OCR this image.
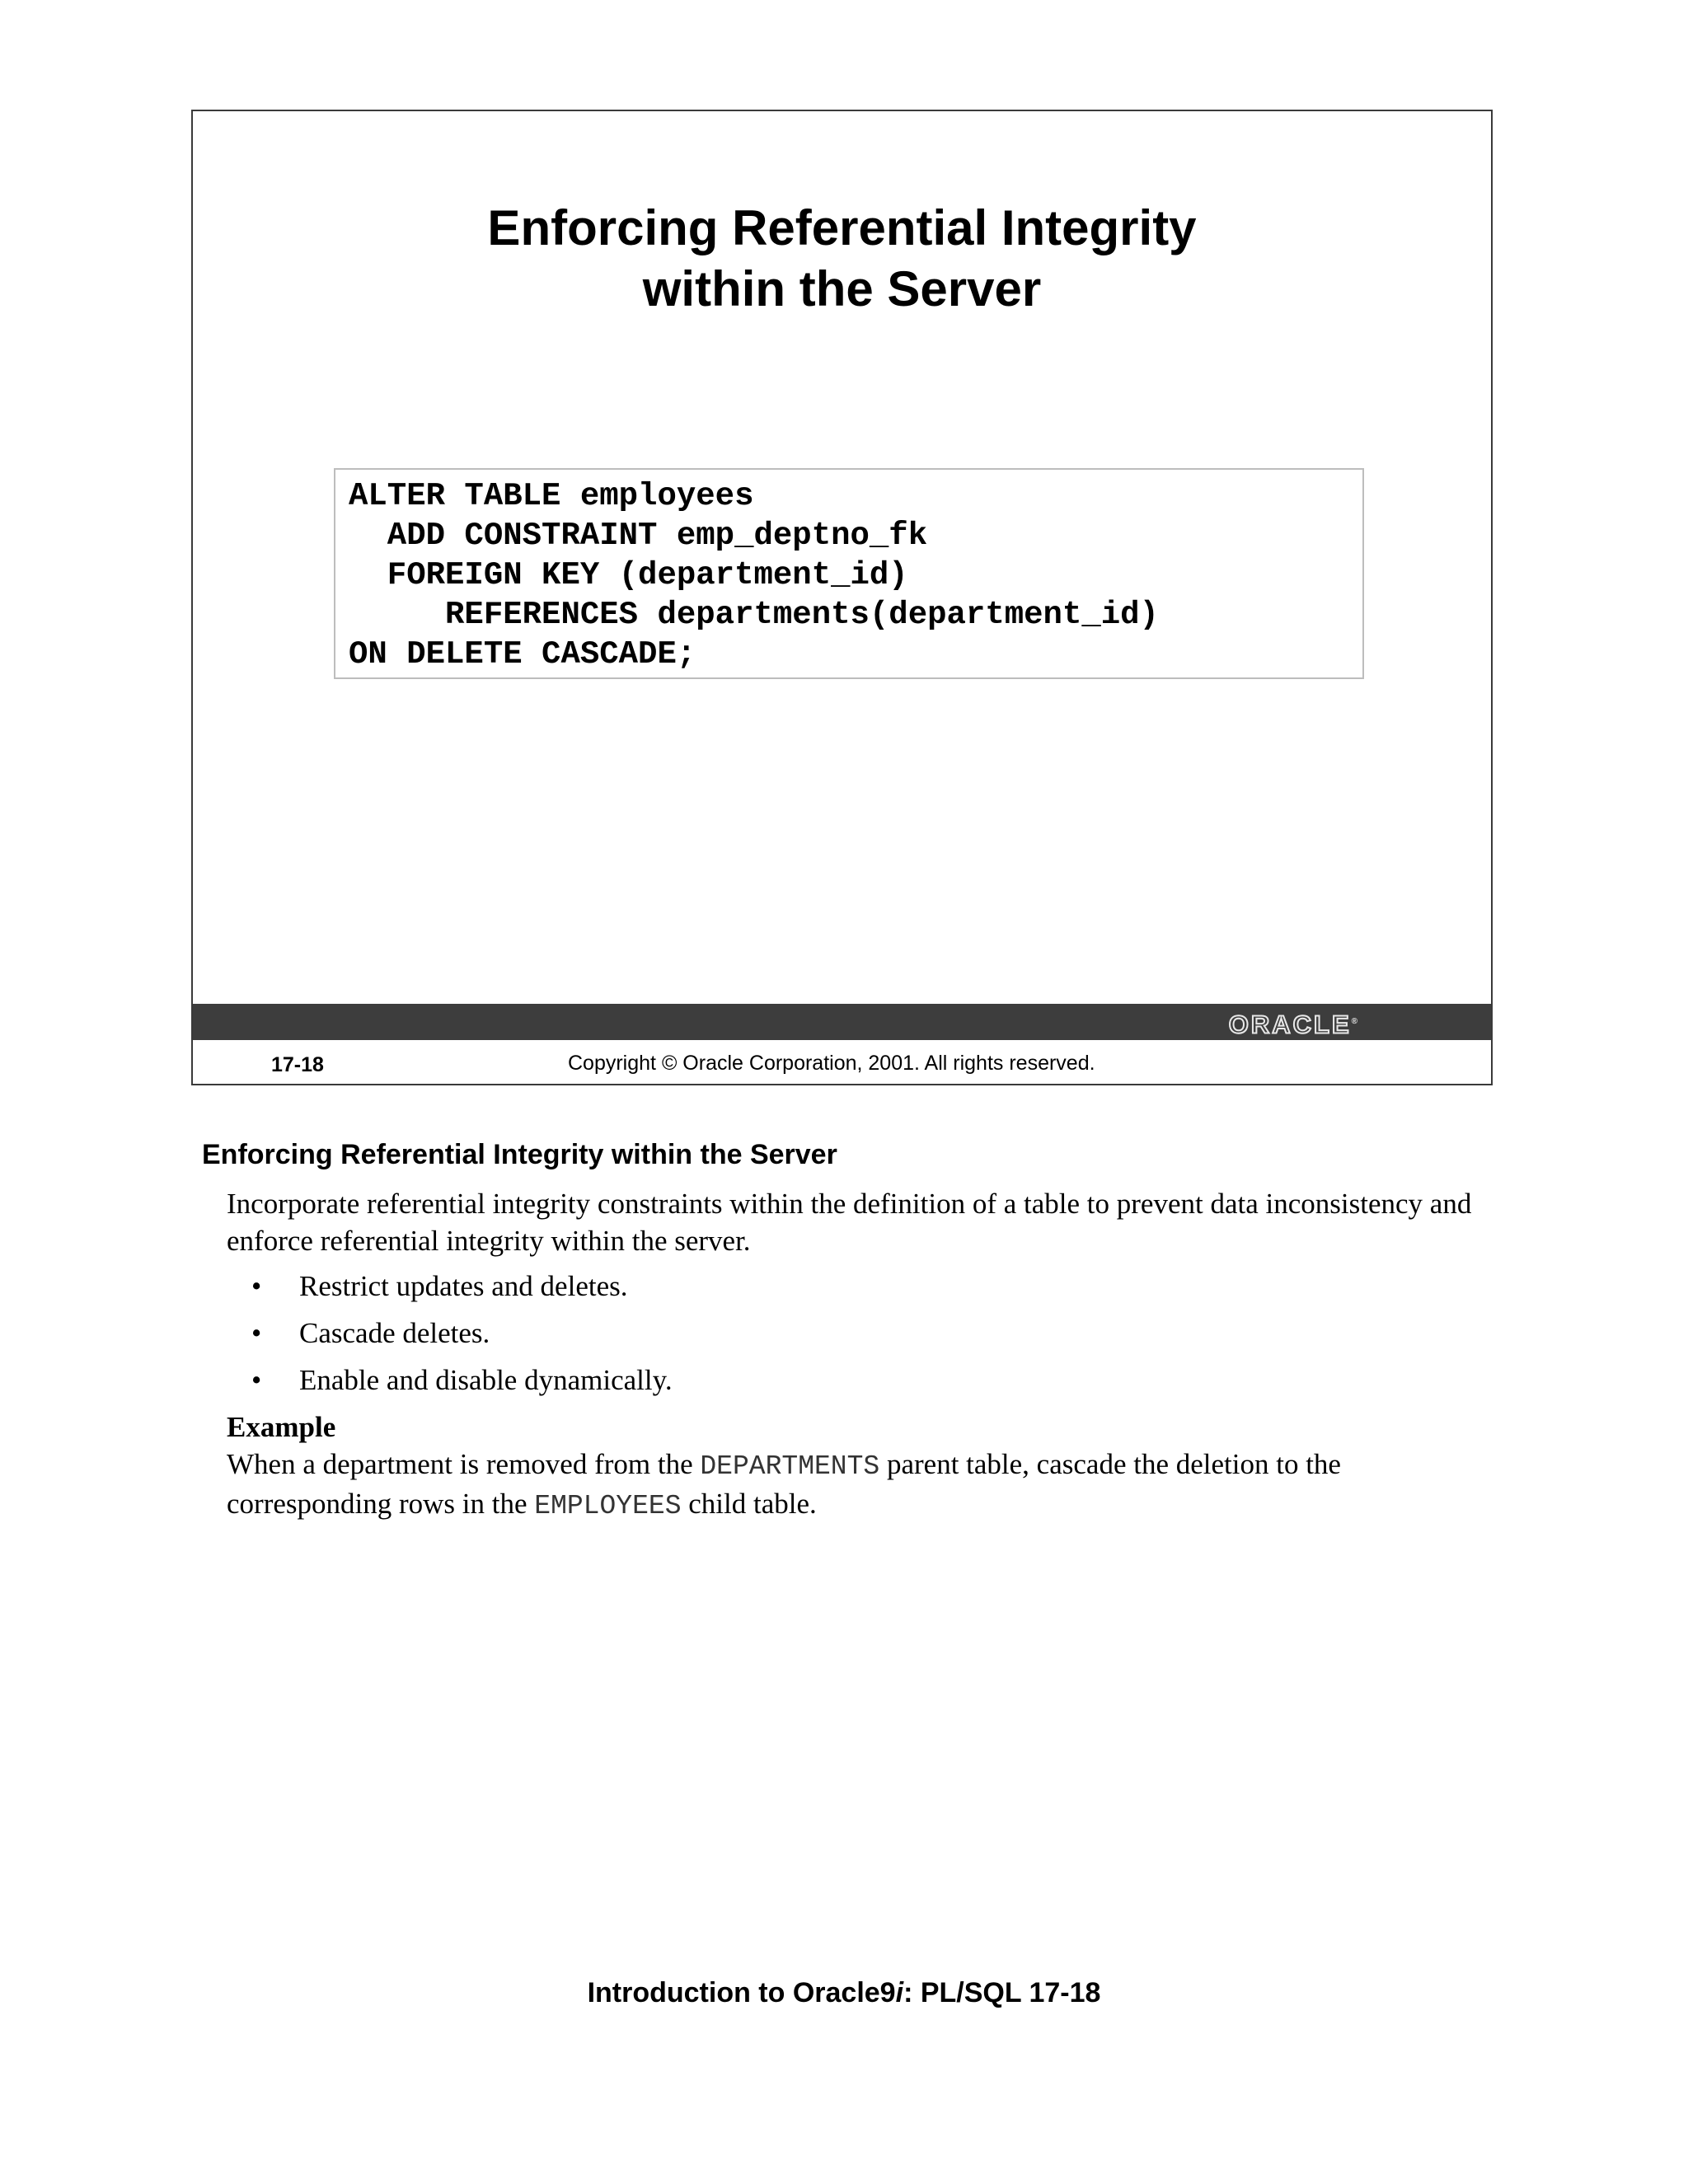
Enforcing Referential Integrity
within the Server
ALTER TABLE employees
ADD CONSTRAINT emp_deptno_fk
FOREIGN KEY (department_id)
REFERENCES departments(department_id)
ON DELETE CASCADE;
ORACLE®
17-18	Copyright © Oracle Corporation, 2001. All rights reserved.
Enforcing Referential Integrity within the Server

Incorporate referential integrity constraints within the definition of a table to prevent data inconsistency and enforce referential integrity within the server.

• Restrict updates and deletes.
• Cascade deletes.
• Enable and disable dynamically.

Example

When a department is removed from the DEPARTMENTS parent table, cascade the deletion to the corresponding rows in the EMPLOYEES child table.

Introduction to Oracle9i: PL/SQL 17-18
